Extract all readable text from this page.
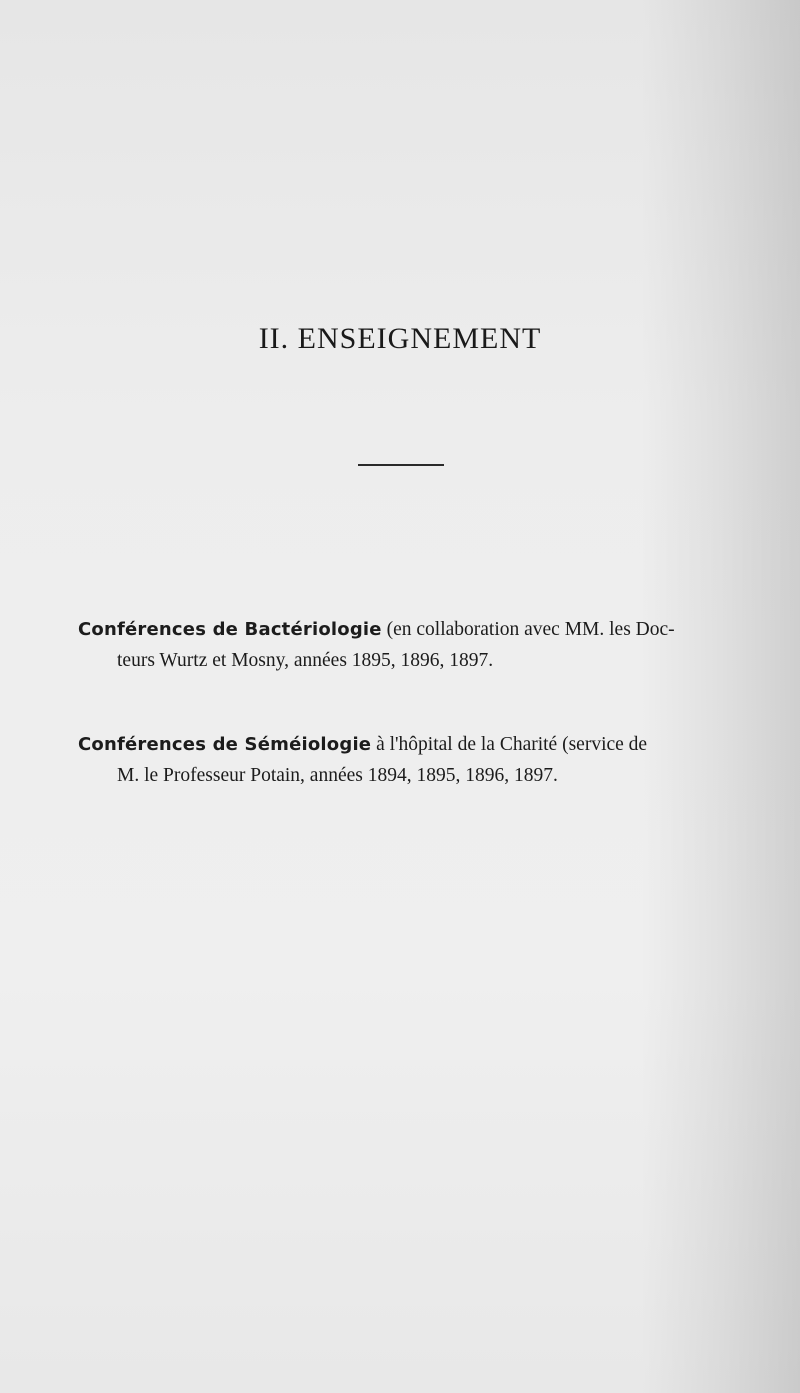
II. ENSEIGNEMENT
Conférences de Bactériologie (en collaboration avec MM. les Doc-
teurs Wurtz et Mosny, années 1895, 1896, 1897.
Conférences de Séméiologie à l'hôpital de la Charité (service de
M. le Professeur Potain, années 1894, 1895, 1896, 1897.
